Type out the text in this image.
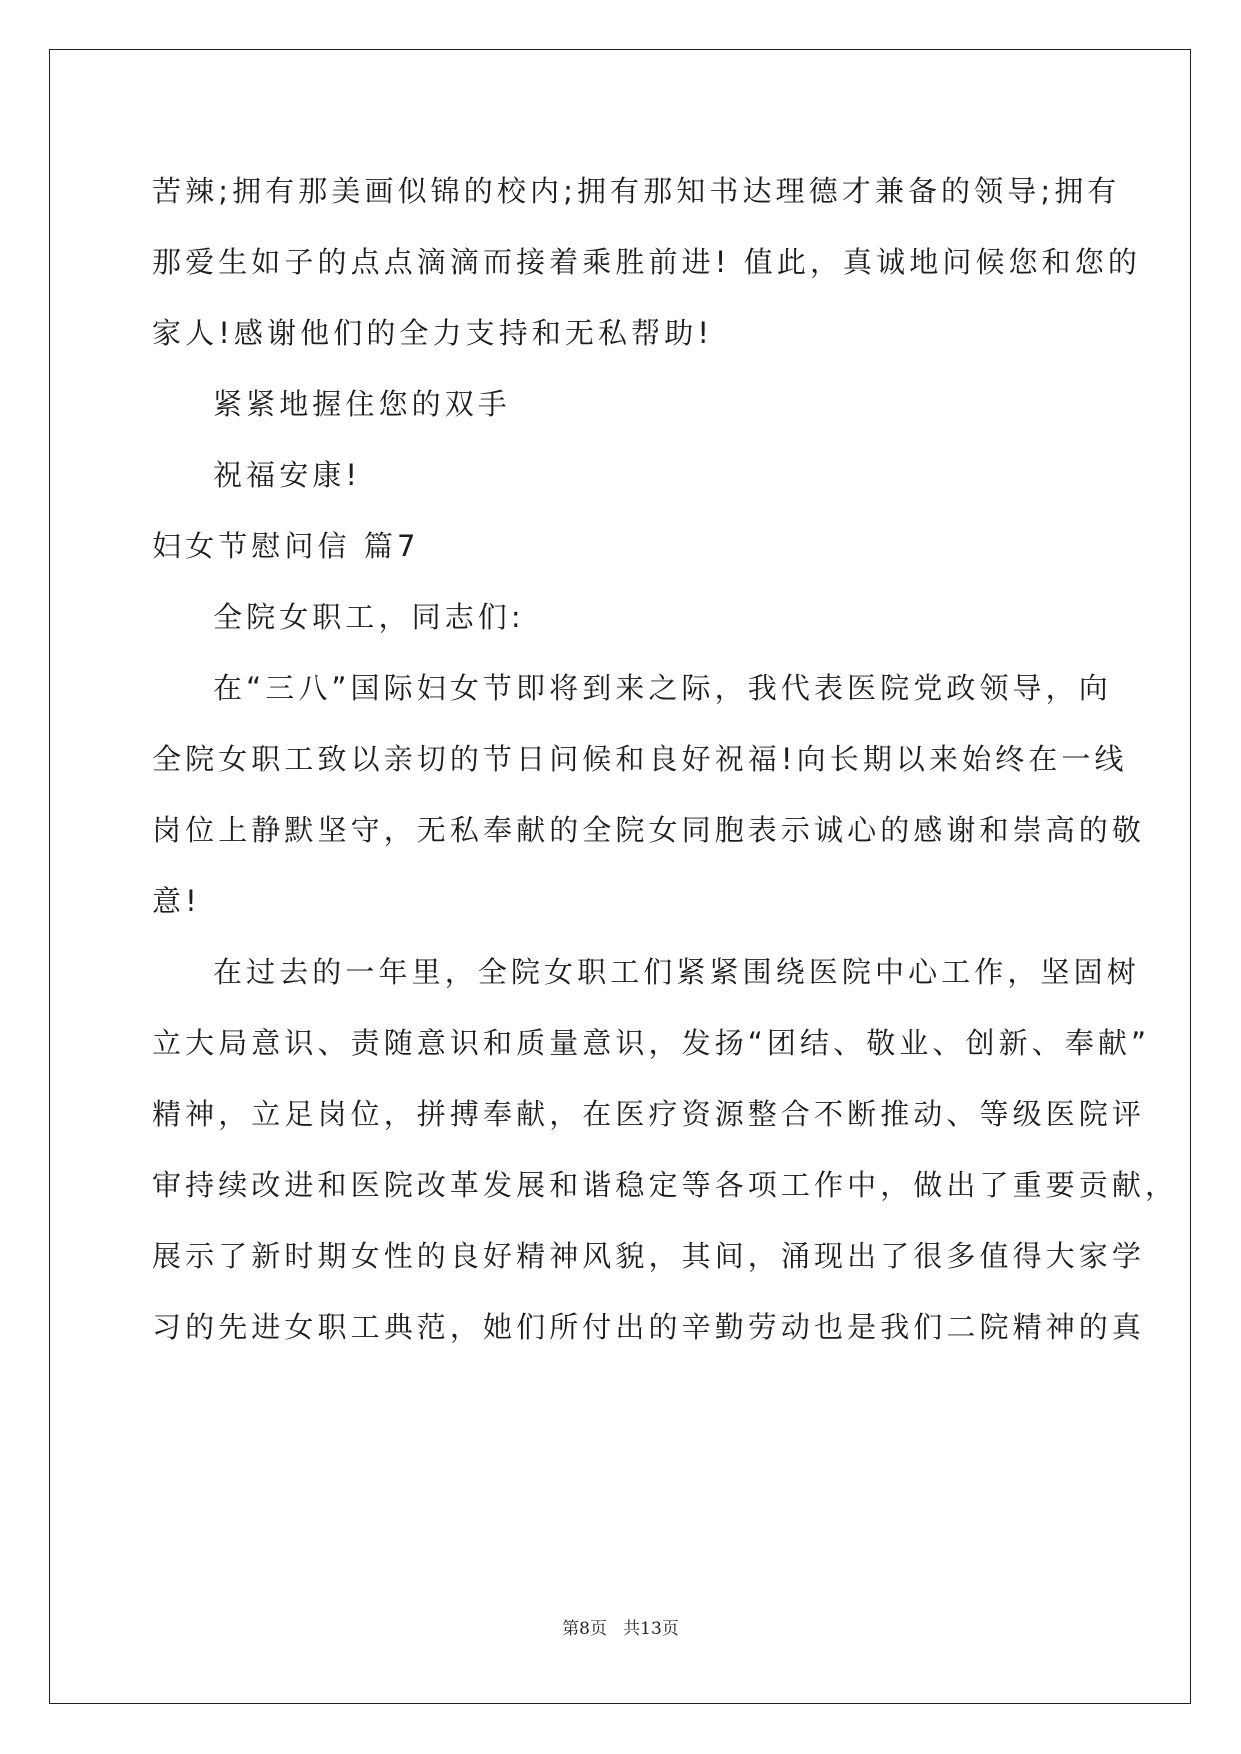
苦辣;拥有那美画似锦的校内;拥有那知书达理德才兼备的领导;拥有

那爱生如子的点点滴滴而接着乘胜前进! 值此，真诚地问候您和您的

家人!感谢他们的全力支持和无私帮助!

紧紧地握住您的双手

祝福安康!

妇女节慰问信 篇7

全院女职工，同志们:

在“三八”国际妇女节即将到来之际，我代表医院党政领导，向

全院女职工致以亲切的节日问候和良好祝福!向长期以来始终在一线

岗位上静默坚守，无私奉献的全院女同胞表示诚心的感谢和崇高的敬

意!

在过去的一年里，全院女职工们紧紧围绕医院中心工作，坚固树

立大局意识、责随意识和质量意识，发扬“团结、敬业、创新、奉献”

精神，立足岗位，拼搏奉献，在医疗资源整合不断推动、等级医院评

审持续改进和医院改革发展和谐稳定等各项工作中，做出了重要贡献，

展示了新时期女性的良好精神风貌，其间，涌现出了很多值得大家学

习的先进女职工典范，她们所付出的辛勤劳动也是我们二院精神的真

第8页   共13页
